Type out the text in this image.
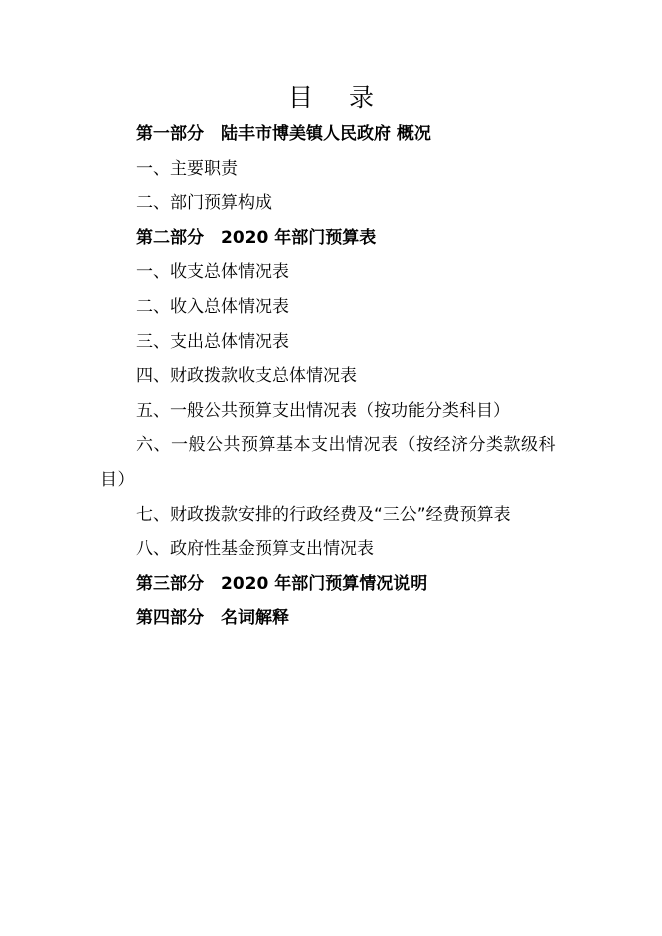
目 录

第一部分 陆丰市博美镇人民政府 概况

一、主要职责

二、部门预算构成

第二部分 2020 年部门预算表

一、收支总体情况表

二、收入总体情况表

三、支出总体情况表

四、财政拨款收支总体情况表

五、一般公共预算支出情况表（按功能分类科目）

六、一般公共预算基本支出情况表（按经济分类款级科目）

七、财政拨款安排的行政经费及“三公”经费预算表

八、政府性基金预算支出情况表

第三部分 2020 年部门预算情况说明

第四部分 名词解释
